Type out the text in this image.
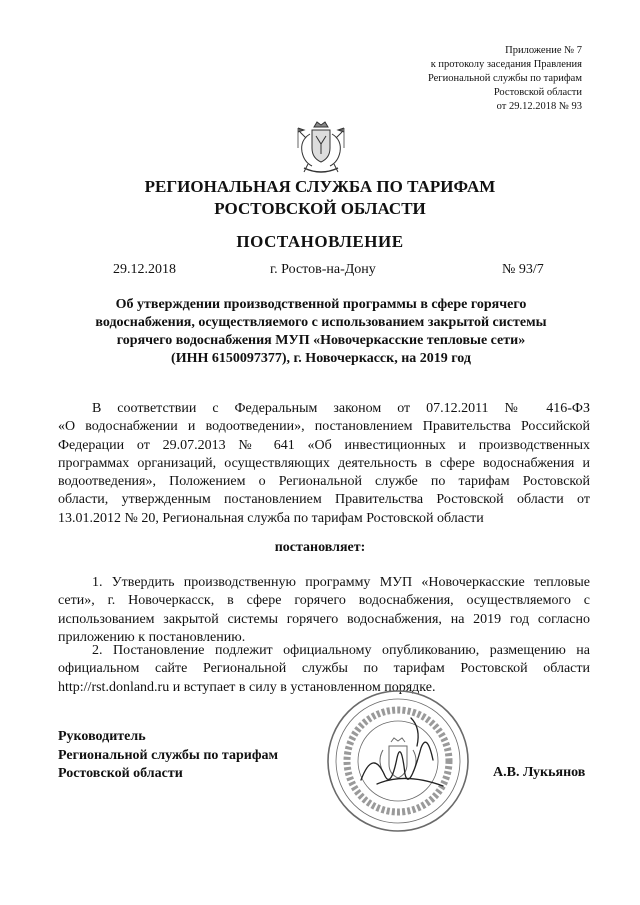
Приложение № 7
к протоколу заседания Правления
Региональной службы по тарифам
Ростовской области
от 29.12.2018 № 93
РЕГИОНАЛЬНАЯ СЛУЖБА ПО ТАРИФАМ
РОСТОВСКОЙ ОБЛАСТИ
ПОСТАНОВЛЕНИЕ
29.12.2018	г. Ростов-на-Дону	№ 93/7
Об утверждении производственной программы в сфере горячего
водоснабжения, осуществляемого с использованием закрытой системы
горячего водоснабжения МУП «Новочеркасские тепловые сети»
(ИНН 6150097377), г. Новочеркасск, на 2019 год
В соответствии с Федеральным законом от 07.12.2011 № 416-ФЗ
«О водоснабжении и водоотведении», постановлением Правительства Российской
Федерации от 29.07.2013 № 641 «Об инвестиционных и производственных
программах организаций, осуществляющих деятельность в сфере водоснабжения и
водоотведения», Положением о Региональной службе по тарифам Ростовской
области, утвержденным постановлением Правительства Ростовской области от
13.01.2012 № 20, Региональная служба по тарифам Ростовской области
постановляет:
1. Утвердить производственную программу МУП «Новочеркасские тепловые
сети», г. Новочеркасск, в сфере горячего водоснабжения, осуществляемого с
использованием закрытой системы горячего водоснабжения, на 2019 год согласно
приложению к постановлению.
2. Постановление подлежит официальному опубликованию, размещению на
официальном сайте Региональной службы по тарифам Ростовской области
http://rst.donland.ru и вступает в силу в установленном порядке.
Руководитель
Региональной службы по тарифам
Ростовской области	А.В. Лукьянов
